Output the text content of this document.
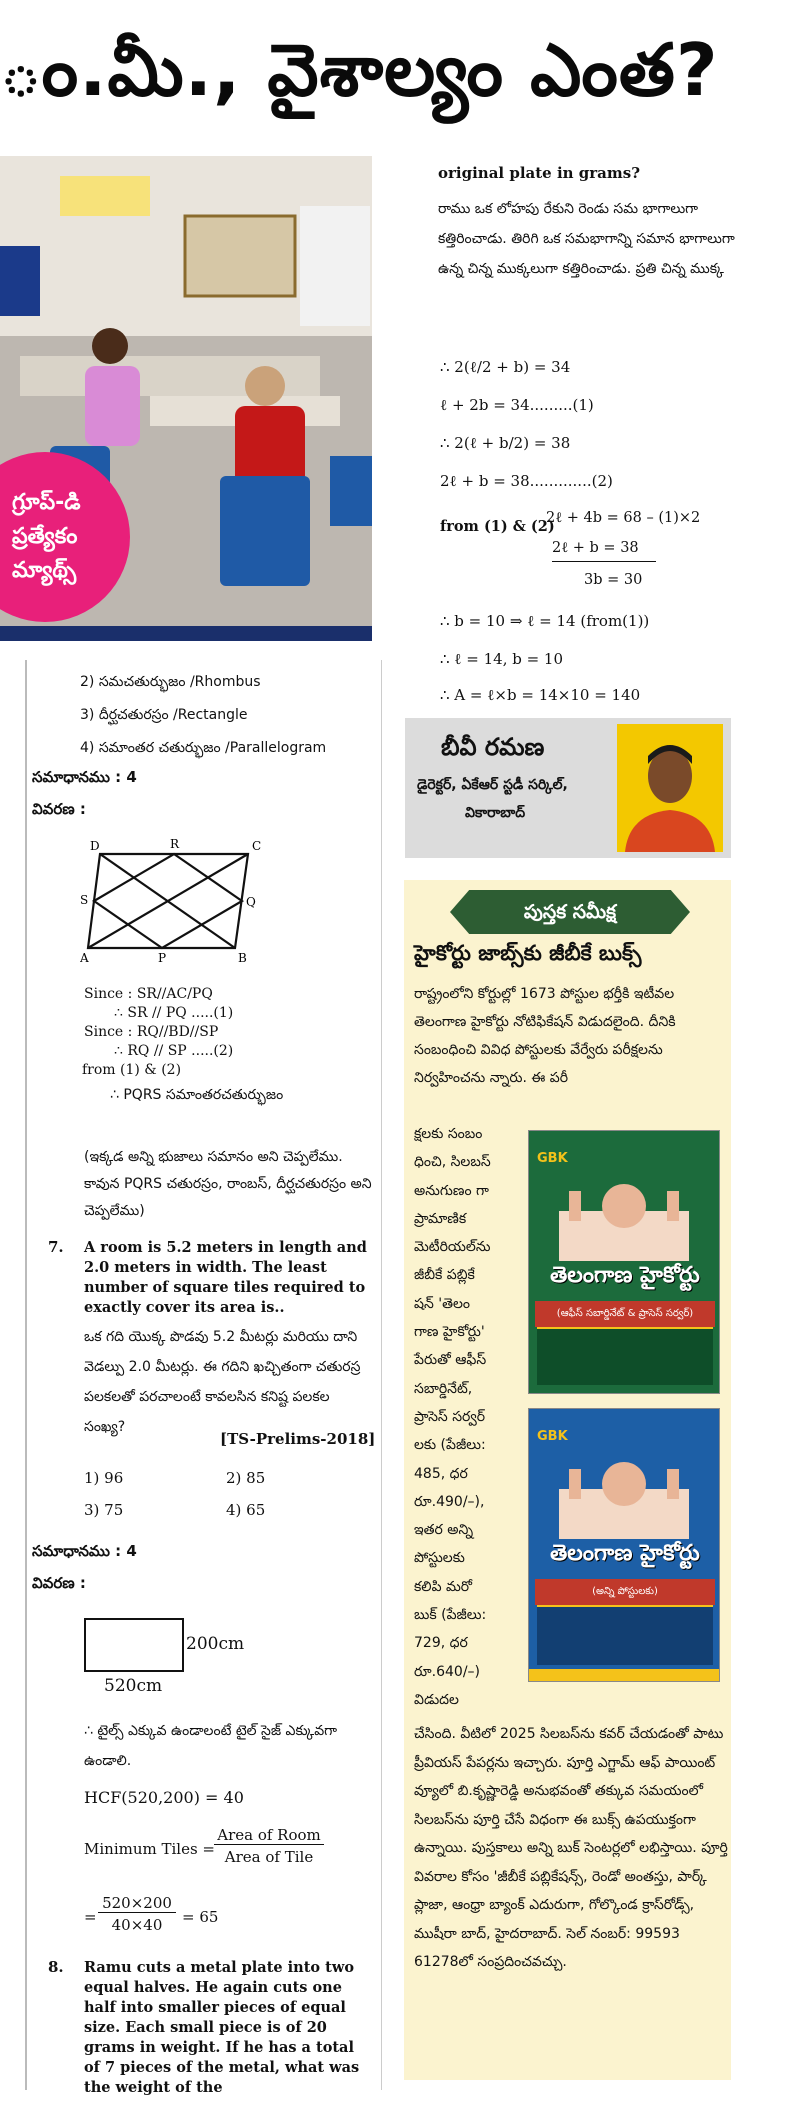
ం.మీ., వైశాల్యం ఎంత?
గ్రూప్-డి
ప్రత్యేకం
మ్యాథ్స్
2) సమచతుర్భుజం /Rhombus
3) దీర్ఘచతురస్రం /Rectangle
4) సమాంతర చతుర్భుజం /Parallelogram
సమాధానము : 4
వివరణ :
D	R	C
S	Q
A	P	B
Since : SR//AC/PQ
∴ SR // PQ .....(1)
Since : RQ//BD//SP
∴ RQ // SP .....(2)
from (1) & (2)
∴ PQRS సమాంతరచతుర్భుజం
(ఇక్కడ అన్ని భుజాలు సమానం అని చెప్పలేము. కావున PQRS చతురస్రం, రాంబస్, దీర్ఘచతురస్రం అని చెప్పలేము)
7. A room is 5.2 meters in length and 2.0 meters in width. The least number of square tiles required to exactly cover its area is..
ఒక గది యొక్క పొడవు 5.2 మీటర్లు మరియు దాని వెడల్పు 2.0 మీటర్లు. ఈ గదిని ఖచ్చితంగా చతురస్ర పలకలతో పరచాలంటే కావలసిన కనిష్ట పలకల సంఖ్య?
[TS-Prelims-2018]
1) 96	2) 85
3) 75	4) 65
సమాధానము : 4
వివరణ :
200cm
520cm
∴ టైల్స్ ఎక్కువ ఉండాలంటే టైల్ సైజ్ ఎక్కువగా ఉండాలి.
HCF(520,200) = 40
Minimum Tiles =
Area of Room
Area of Tile
=
520×200
40×40	= 65
8. Ramu cuts a metal plate into two equal halves. He again cuts one half into smaller pieces of equal size. Each small piece is of 20 grams in weight. If he has a total of 7 pieces of the metal, what was the weight of the
original plate in grams?
రాము ఒక లోహపు రేకుని రెండు సమ భాగాలుగా కత్తిరించాడు. తిరిగి ఒక సమభాగాన్ని సమాన భాగాలుగా ఉన్న చిన్న ముక్కలుగా కత్తిరించాడు. ప్రతి చిన్న ముక్క
∴ 2(ℓ/2 + b) = 34
ℓ + 2b = 34.........(1)
∴ 2(ℓ + b/2) = 38
2ℓ + b = 38.............(2)
from (1) & (2)
2ℓ + 4b = 68 – (1)×2
2ℓ + b = 38
3b = 30
∴ b = 10 ⇒ ℓ = 14 (from(1))
∴ ℓ = 14, b = 10
∴ A = ℓ×b = 14×10 = 140
బీవీ రమణ
డైరెక్టర్, ఏకేఆర్ స్టడీ సర్కిల్,
వికారాబాద్
పుస్తక సమీక్ష
హైకోర్టు జాబ్స్‌కు జీబీకే బుక్స్
రాష్ట్రంలోని కోర్టుల్లో 1673 పోస్టుల భర్తీకి ఇటీవల తెలంగాణ హైకోర్టు నోటిఫికేషన్ విడుదలైంది. దీనికి సంబంధించి వివిధ పోస్టులకు వేర్వేరు పరీక్షలను నిర్వహించను న్నారు. ఈ పరీ
క్షలకు సంబం
ధించి, సిలబస్
అనుగుణం గా
ప్రామాణిక
మెటీరియల్‌ను
జీబీకే పబ్లికే
షన్ 'తెలం
గాణ హైకోర్టు'
పేరుతో ఆఫీస్
సబార్డినేట్,
ప్రాసెస్ సర్వర్
లకు (పేజీలు:
485, ధర
రూ.490/–),
ఇతర అన్ని
పోస్టులకు
కలిపి మరో
బుక్ (పేజీలు:
729, ధర
రూ.640/–)
విడుదల
GBK
తెలంగాణ హైకోర్టు
(ఆఫీస్ సబార్డినేట్ & ప్రాసెస్ సర్వర్)
GBK
తెలంగాణ హైకోర్టు
(అన్ని పోస్టులకు)
చేసింది. వీటిలో 2025 సిలబస్‌ను కవర్ చేయడంతో పాటు ప్రీవియస్ పేపర్లను ఇచ్చారు. పూర్తి ఎగ్జామ్ ఆఫ్ పాయింట్ వ్యూలో బి.కృష్ణారెడ్డి అనుభవంతో తక్కువ సమయంలో సిలబస్‌ను పూర్తి చేసే విధంగా ఈ బుక్స్ ఉపయుక్తంగా ఉన్నాయి. పుస్తకాలు అన్ని బుక్ సెంటర్లలో లభిస్తాయి. పూర్తి వివరాల కోసం 'జీబీకే పబ్లికేషన్స్, రెండో అంతస్తు, పార్క్ ప్లాజా, ఆంధ్రా బ్యాంక్ ఎదురుగా, గోల్కొండ క్రాస్‌రోడ్స్, ముషీరా బాద్, హైదరాబాద్. సెల్ నంబర్: 99593 61278లో సంప్రదించవచ్చు.
